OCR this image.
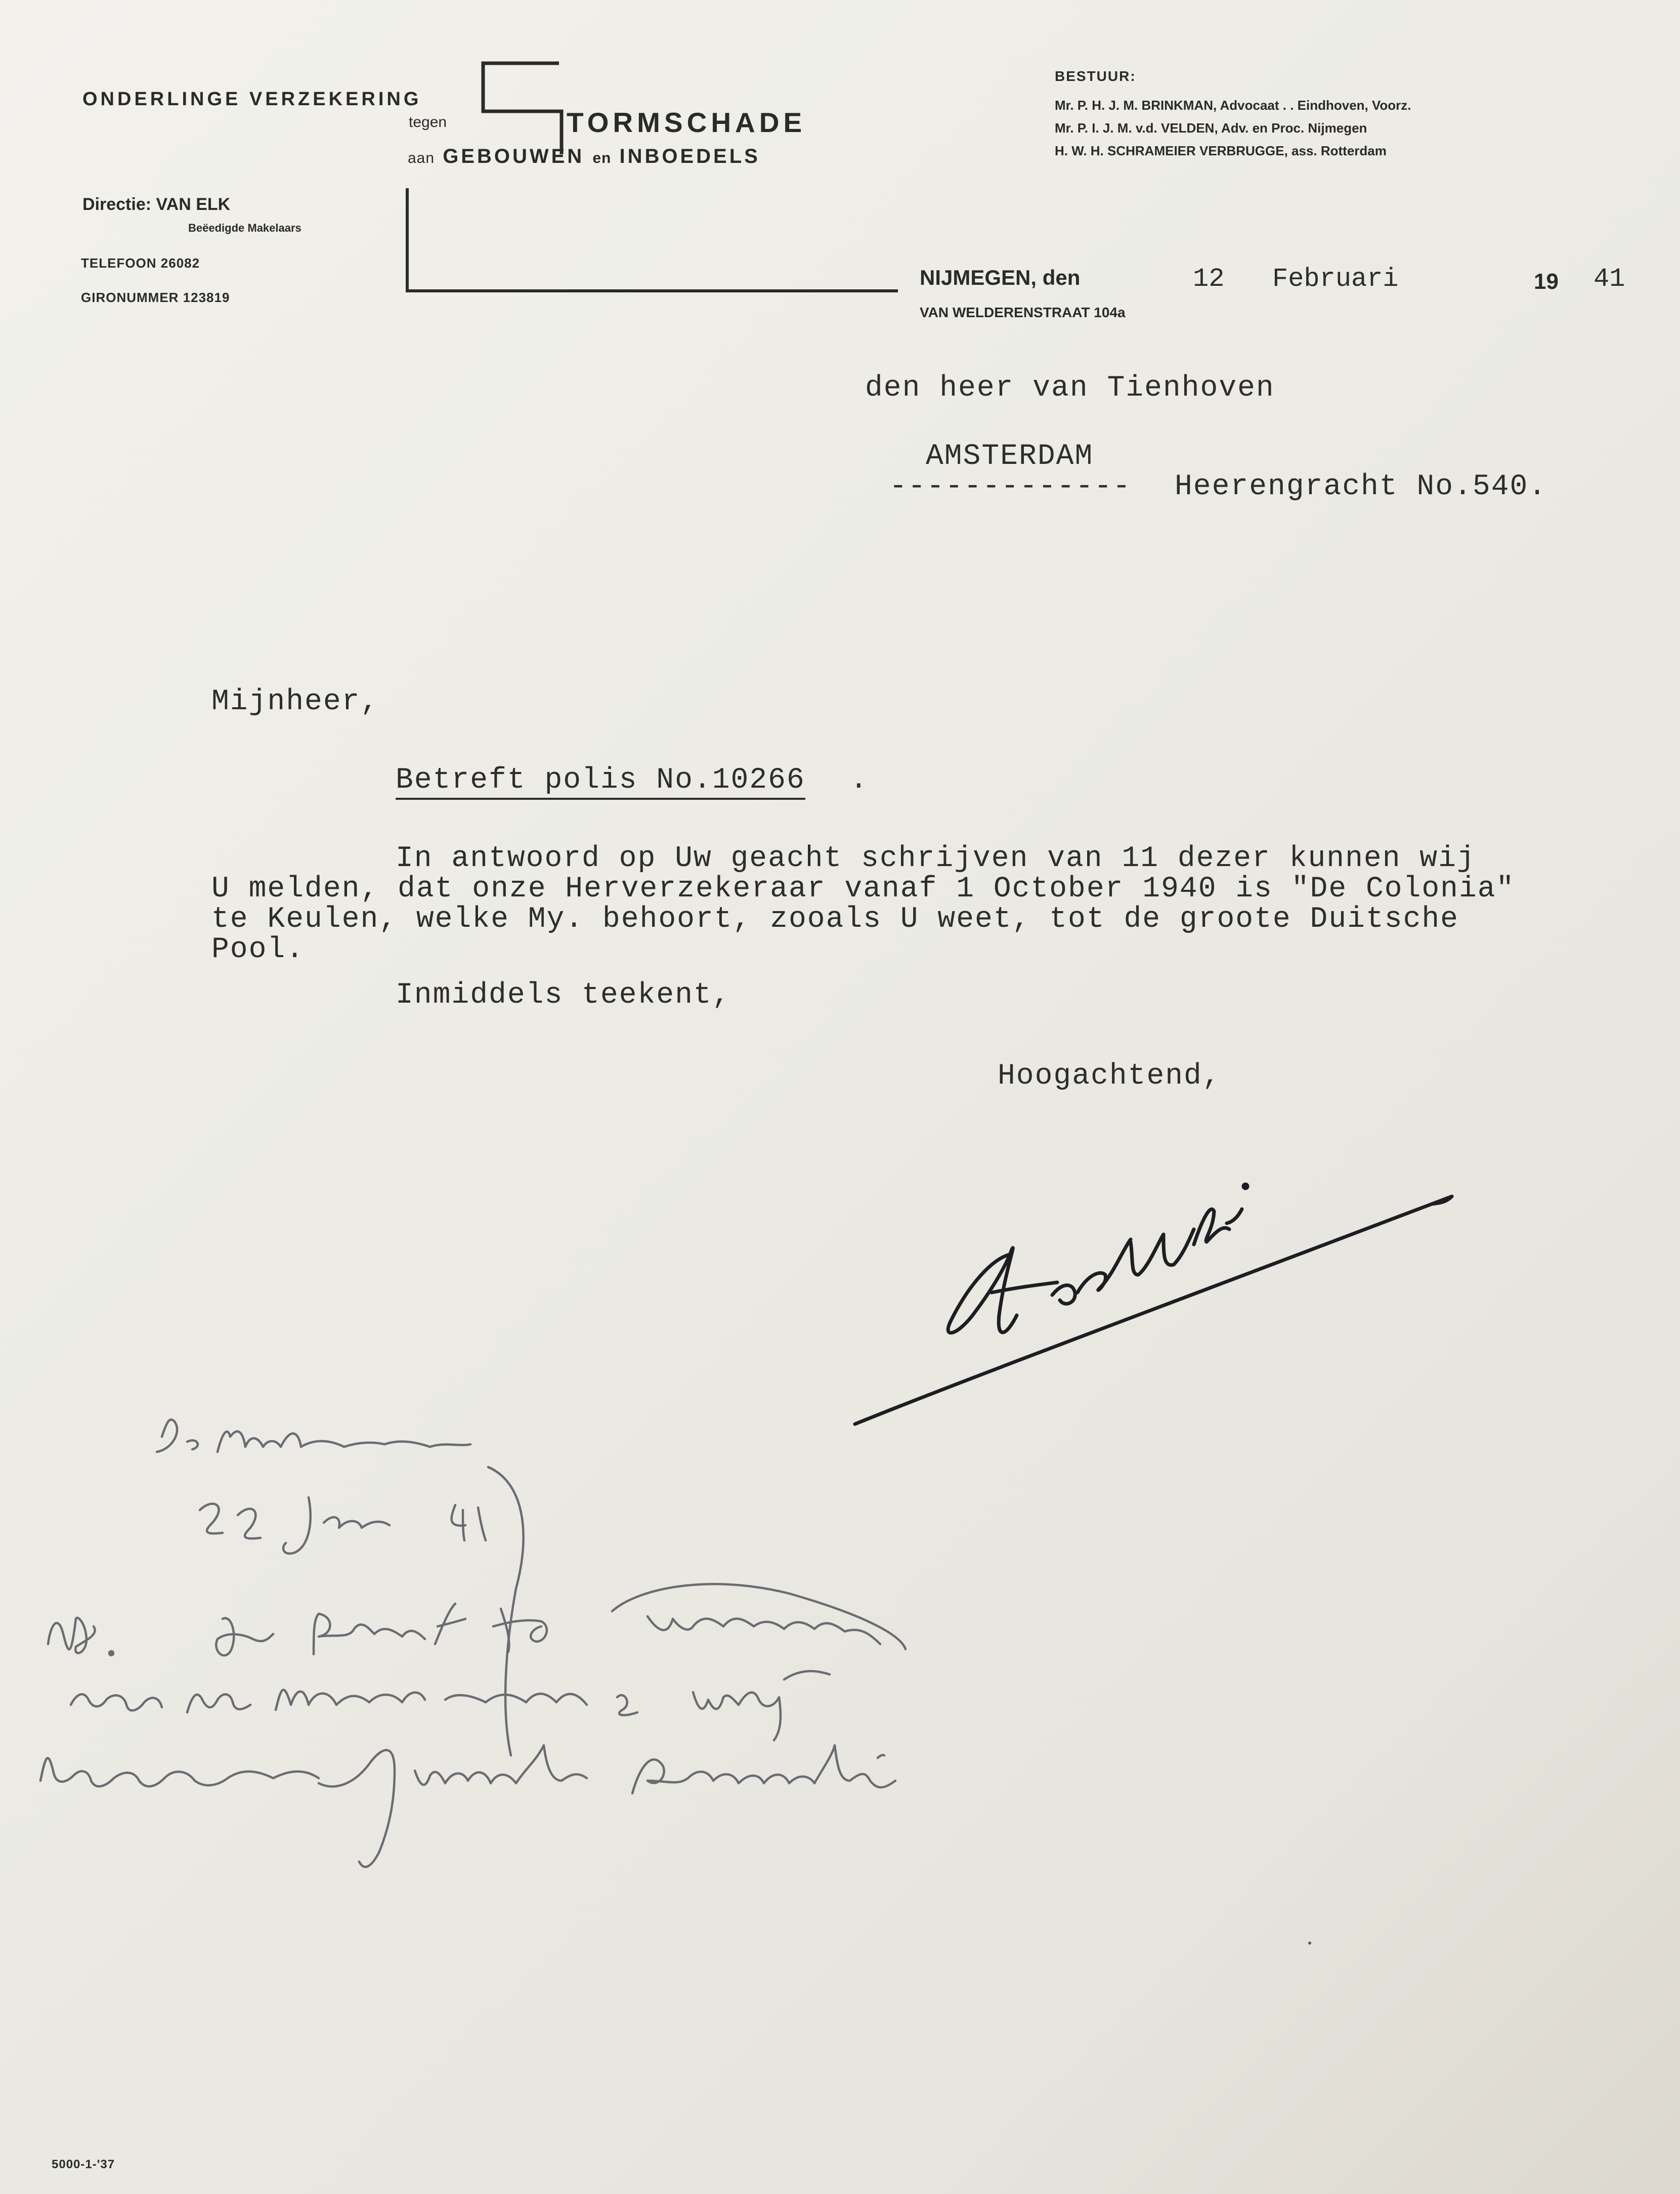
ONDERLINGE VERZEKERING
tegen	TORMSCHADE
aan GEBOUWEN en INBOEDELS
Directie: VAN ELK
Beëedigde Makelaars
TELEFOON 26082
GIRONUMMER 123819
BESTUUR:
Mr. P. H. J. M. BRINKMAN, Advocaat . . Eindhoven, Voorz.
Mr. P. I. J. M. v.d. VELDEN, Adv. en Proc. Nijmegen
H. W. H. SCHRAMEIER VERBRUGGE, ass. Rotterdam
NIJMEGEN, den
VAN WELDERENSTRAAT 104a
12 Februari	19 41
den heer van Tienhoven
AMSTERDAM
------------- Heerengracht No.540.
Mijnheer,
Betreft polis No.10266 .
In antwoord op Uw geacht schrijven van 11 dezer kunnen wij
U melden, dat onze Herverzekeraar vanaf 1 October 1940 is "De Colonia"
te Keulen, welke My. behoort, zooals U weet, tot de groote Duitsche
Pool.
Inmiddels teekent,
Hoogachtend,
5000-1-'37
